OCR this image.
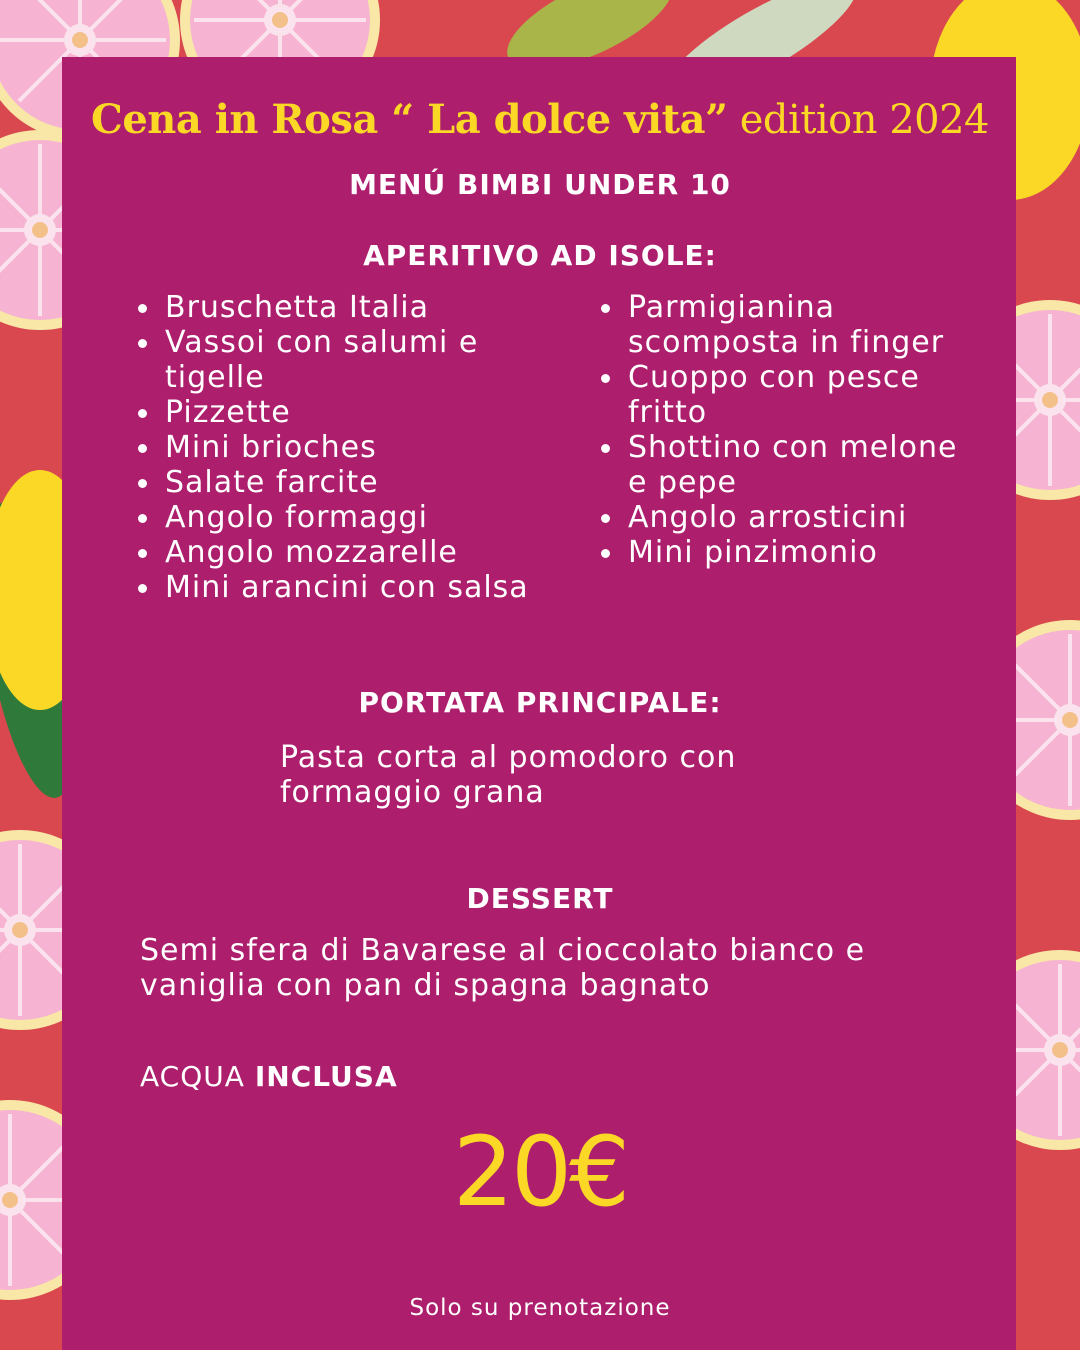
Cena in Rosa “ La dolce vita” edition 2024
MENÚ BIMBI UNDER 10
APERITIVO AD ISOLE:
Bruschetta Italia
Vassoi con salumi e tigelle
Pizzette
Mini brioches
Salate farcite
Angolo formaggi
Angolo mozzarelle
Mini arancini con salsa
Parmigianina scomposta in finger
Cuoppo con pesce fritto
Shottino con melone e pepe
Angolo arrosticini
Mini pinzimonio
PORTATA PRINCIPALE:
Pasta corta al pomodoro con
formaggio grana
DESSERT
Semi sfera di Bavarese al cioccolato bianco e
vaniglia con pan di spagna bagnato
ACQUA INCLUSA
20€
Solo su prenotazione
